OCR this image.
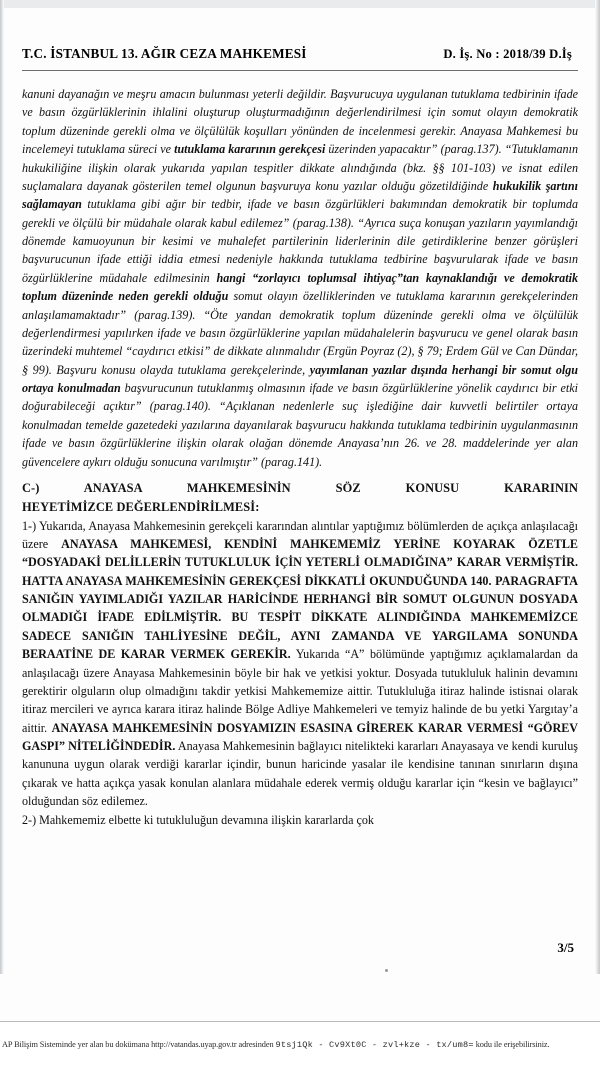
T.C. İSTANBUL 13. AĞIR CEZA MAHKEMESİ	D. İş. No : 2018/39 D.İş

kanuni dayanağın ve meşru amacın bulunması yeterli değildir. Başvurucuya uygulanan tutuklama tedbirinin ifade ve basın özgürlüklerinin ihlalini oluşturup oluşturmadığının değerlendirilmesi için somut olayın demokratik toplum düzeninde gerekli olma ve ölçülülük koşulları yönünden de incelenmesi gerekir. Anayasa Mahkemesi bu incelemeyi tutuklama süreci ve tutuklama kararının gerekçesi üzerinden yapacaktır” (parag.137). “Tutuklamanın hukukiliğine ilişkin olarak yukarıda yapılan tespitler dikkate alındığında (bkz. §§ 101-103) ve isnat edilen suçlamalara dayanak gösterilen temel olgunun başvuruya konu yazılar olduğu gözetildiğinde hukukilik şartını sağlamayan tutuklama gibi ağır bir tedbir, ifade ve basın özgürlükleri bakımından demokratik bir toplumda gerekli ve ölçülü bir müdahale olarak kabul edilemez” (parag.138). “Ayrıca suça konuşan yazıların yayımlandığı dönemde kamuoyunun bir kesimi ve muhalefet partilerinin liderlerinin dile getirdiklerine benzer görüşleri başvurucunun ifade ettiği iddia etmesi nedeniyle hakkında tutuklama tedbirine başvurularak ifade ve basın özgürlüklerine müdahale edilmesinin hangi “zorlayıcı toplumsal ihtiyaç”tan kaynaklandığı ve demokratik toplum düzeninde neden gerekli olduğu somut olayın özelliklerinden ve tutuklama kararının gerekçelerinden anlaşılamamaktadır” (parag.139). “Öte yandan demokratik toplum düzeninde gerekli olma ve ölçülülük değerlendirmesi yapılırken ifade ve basın özgürlüklerine yapılan müdahalelerin başvurucu ve genel olarak basın üzerindeki muhtemel “caydırıcı etkisi” de dikkate alınmalıdır (Ergün Poyraz (2), § 79; Erdem Gül ve Can Dündar, § 99). Başvuru konusu olayda tutuklama gerekçelerinde, yayımlanan yazılar dışında herhangi bir somut olgu ortaya konulmadan başvurucunun tutuklanmış olmasının ifade ve basın özgürlüklerine yönelik caydırıcı bir etki doğurabileceği açıktır” (parag.140). “Açıklanan nedenlerle suç işlediğine dair kuvvetli belirtiler ortaya konulmadan temelde gazetedeki yazılarına dayanılarak başvurucu hakkında tutuklama tedbirinin uygulanmasının ifade ve basın özgürlüklerine ilişkin olarak olağan dönemde Anayasa’nın 26. ve 28. maddelerinde yer alan güvencelere aykırı olduğu sonucuna varılmıştır” (parag.141).

C-) ANAYASA MAHKEMESİNİN SÖZ KONUSU KARARININ
HEYETİMİZCE DEĞERLENDİRİLMESİ:

1-) Yukarıda, Anayasa Mahkemesinin gerekçeli kararından alıntılar yaptığımız bölümlerden de açıkça anlaşılacağı üzere ANAYASA MAHKEMESİ, KENDİNİ MAHKEMEMİZ YERİNE KOYARAK ÖZETLE “DOSYADAKİ DELİLLERİN TUTUKLULUK İÇİN YETERLİ OLMADIĞINA” KARAR VERMİŞTİR. HATTA ANAYASA MAHKEMESİNİN GEREKÇESİ DİKKATLİ OKUNDUĞUNDA 140. PARAGRAFTA SANIĞIN YAYIMLADIĞI YAZILAR HARİCİNDE HERHANGİ BİR SOMUT OLGUNUN DOSYADA OLMADIĞI İFADE EDİLMİŞTİR. BU TESPİT DİKKATE ALINDIĞINDA MAHKEMEMİZCE SADECE SANIĞIN TAHLİYESİNE DEĞİL, AYNI ZAMANDA VE YARGILAMA SONUNDA BERAATİNE DE KARAR VERMEK GEREKİR. Yukarıda “A” bölümünde yaptığımız açıklamalardan da anlaşılacağı üzere Anayasa Mahkemesinin böyle bir hak ve yetkisi yoktur. Dosyada tutukluluk halinin devamını gerektirir olguların olup olmadığını takdir yetkisi Mahkememize aittir. Tutukluluğa itiraz halinde istisnai olarak itiraz mercileri ve ayrıca karara itiraz halinde Bölge Adliye Mahkemeleri ve temyiz halinde de bu yetki Yargıtay’a aittir. ANAYASA MAHKEMESİNİN DOSYAMIZIN ESASINA GİREREK KARAR VERMESİ “GÖREV GASPI” NİTELİĞİNDEDİR. Anayasa Mahkemesinin bağlayıcı nitelikteki kararları Anayasaya ve kendi kuruluş kanununa uygun olarak verdiği kararlar içindir, bunun haricinde yasalar ile kendisine tanınan sınırların dışına çıkarak ve hatta açıkça yasak konulan alanlara müdahale ederek vermiş olduğu kararlar için “kesin ve bağlayıcı” olduğundan söz edilemez.

2-) Mahkememiz elbette ki tutukluluğun devamına ilişkin kararlarda çok

3/5
AP Bilişim Sisteminde yer alan bu dokümana http://vatandas.uyap.gov.tr adresinden 9tsj1Qk - Cv9Xt0C - zvl+kze - tx/um8= kodu ile erişebilirsiniz.
